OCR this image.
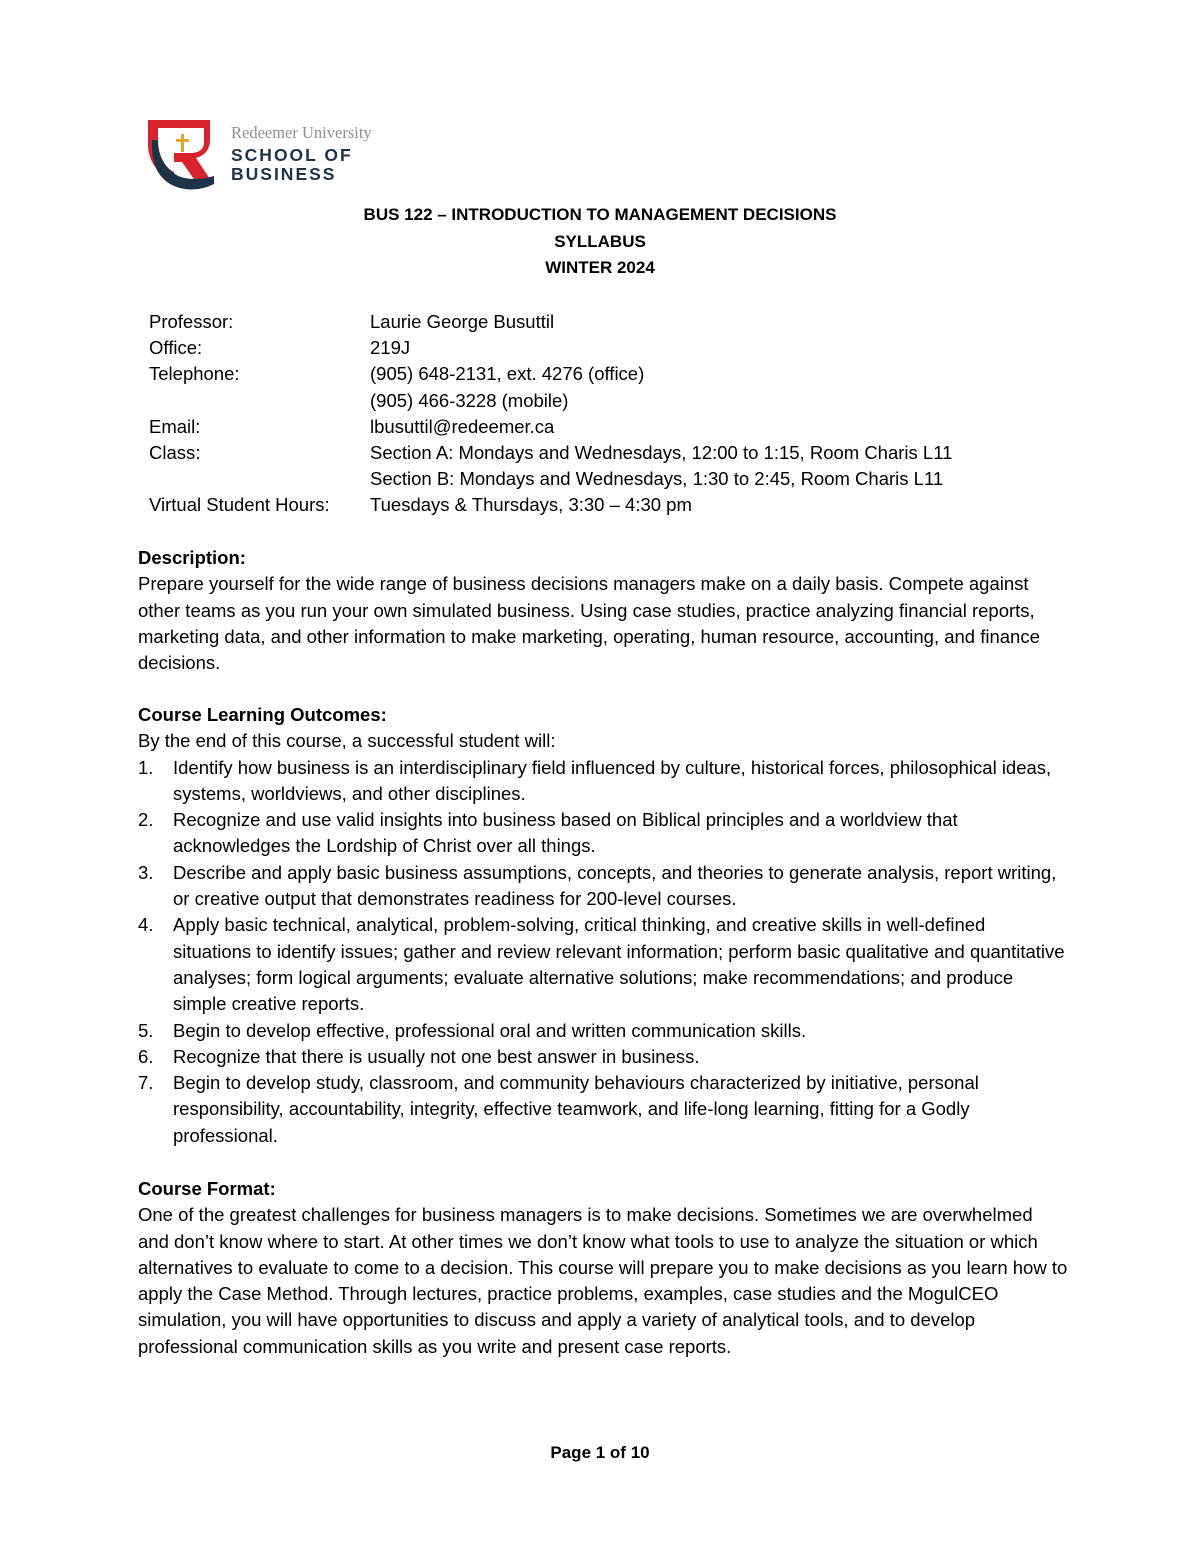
Redeemer University
SCHOOL OF
BUSINESS
BUS 122 – INTRODUCTION TO MANAGEMENT DECISIONS
SYLLABUS
WINTER 2024
Professor:	Laurie George Busuttil
Office:	219J
Telephone:	(905) 648-2131, ext. 4276 (office)
(905) 466-3228 (mobile)
Email:	lbusuttil@redeemer.ca
Class:	Section A: Mondays and Wednesdays, 12:00 to 1:15, Room Charis L11
Section B: Mondays and Wednesdays, 1:30 to 2:45, Room Charis L11
Virtual Student Hours: Tuesdays & Thursdays, 3:30 – 4:30 pm

Description:

Prepare yourself for the wide range of business decisions managers make on a daily basis. Compete against other teams as you run your own simulated business. Using case studies, practice analyzing financial reports, marketing data, and other information to make marketing, operating, human resource, accounting, and finance decisions.

Course Learning Outcomes:

By the end of this course, a successful student will:

1. Identify how business is an interdisciplinary field influenced by culture, historical forces, philosophical ideas, systems, worldviews, and other disciplines.
2. Recognize and use valid insights into business based on Biblical principles and a worldview that acknowledges the Lordship of Christ over all things.
3. Describe and apply basic business assumptions, concepts, and theories to generate analysis, report writing, or creative output that demonstrates readiness for 200-level courses.
4. Apply basic technical, analytical, problem-solving, critical thinking, and creative skills in well-defined situations to identify issues; gather and review relevant information; perform basic qualitative and quantitative analyses; form logical arguments; evaluate alternative solutions; make recommendations; and produce simple creative reports.
5. Begin to develop effective, professional oral and written communication skills.
6. Recognize that there is usually not one best answer in business.
7. Begin to develop study, classroom, and community behaviours characterized by initiative, personal responsibility, accountability, integrity, effective teamwork, and life-long learning, fitting for a Godly professional.

Course Format:

One of the greatest challenges for business managers is to make decisions. Sometimes we are overwhelmed and don’t know where to start. At other times we don’t know what tools to use to analyze the situation or which alternatives to evaluate to come to a decision. This course will prepare you to make decisions as you learn how to apply the Case Method. Through lectures, practice problems, examples, case studies and the MogulCEO simulation, you will have opportunities to discuss and apply a variety of analytical tools, and to develop professional communication skills as you write and present case reports.

Page 1 of 10
